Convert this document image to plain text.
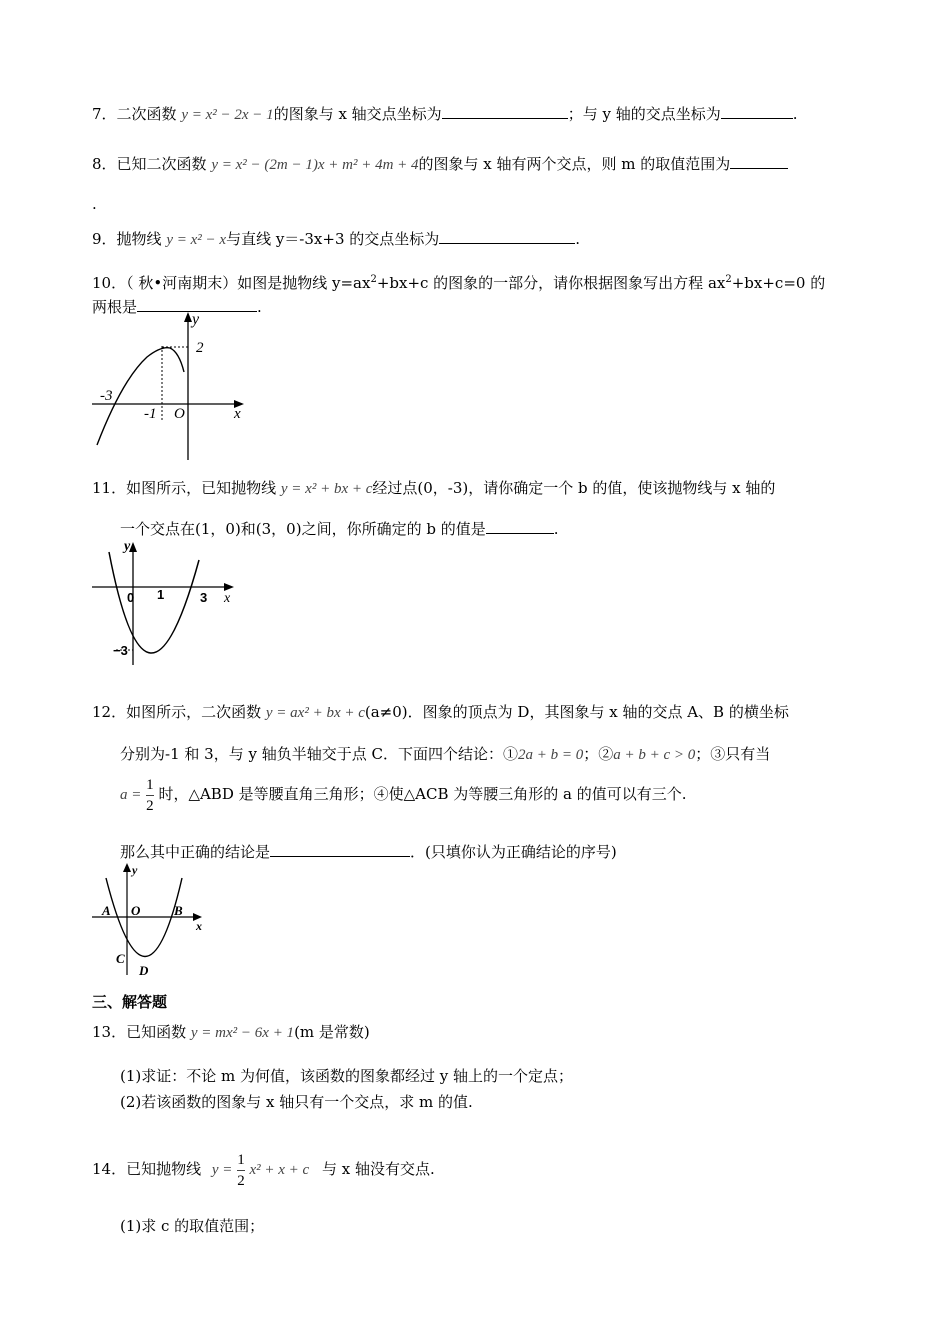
7．二次函数 y = x² − 2x − 1的图象与 x 轴交点坐标为	；与 y 轴的交点坐标为	.
8．已知二次函数 y = x² − (2m − 1)x + m² + 4m + 4的图象与 x 轴有两个交点，则 m 的取值范围为
.
9．抛物线 y = x² − x与直线 y＝-3x+3 的交点坐标为	.
10．（ 秋•河南期末）如图是抛物线 $y=ax^2+bx+c$ 的图象的一部分，请你根据图象写出方程 $ax^2+bx+c=0$ 的
两根是	.
y
x
O
2
-3
-1
11．如图所示，已知抛物线 y = x² + bx + c经过点(0，-3)，请你确定一个 b 的值，使该抛物线与 x 轴的
一个交点在(1，0)和(3，0)之间，你所确定的 b 的值是	.
y
x
0 1	3
−3
12．如图所示，二次函数 y = ax² + bx + c(a≠0)．图象的顶点为 D，其图象与 x 轴的交点 A、B 的横坐标
分别为-1 和 3，与 y 轴负半轴交于点 C．下面四个结论：①2a + b = 0；②a + b + c > 0；③只有当
$a = \frac{1}{2}$ 时，△ABD 是等腰直角三角形；④使△ACB 为等腰三角形的 a 的值可以有三个.
那么其中正确的结论是	．(只填你认为正确结论的序号)
y
x
A O	B
C
D
三、解答题
13．已知函数 y = mx² − 6x + 1(m 是常数)
(1)求证：不论 m 为何值，该函数的图象都经过 y 轴上的一个定点；
(2)若该函数的图象与 x 轴只有一个交点，求 m 的值.
14．已知抛物线 $y = \frac{1}{2} x^2 + x + c$ 与 x 轴没有交点.
(1)求 c 的取值范围；
